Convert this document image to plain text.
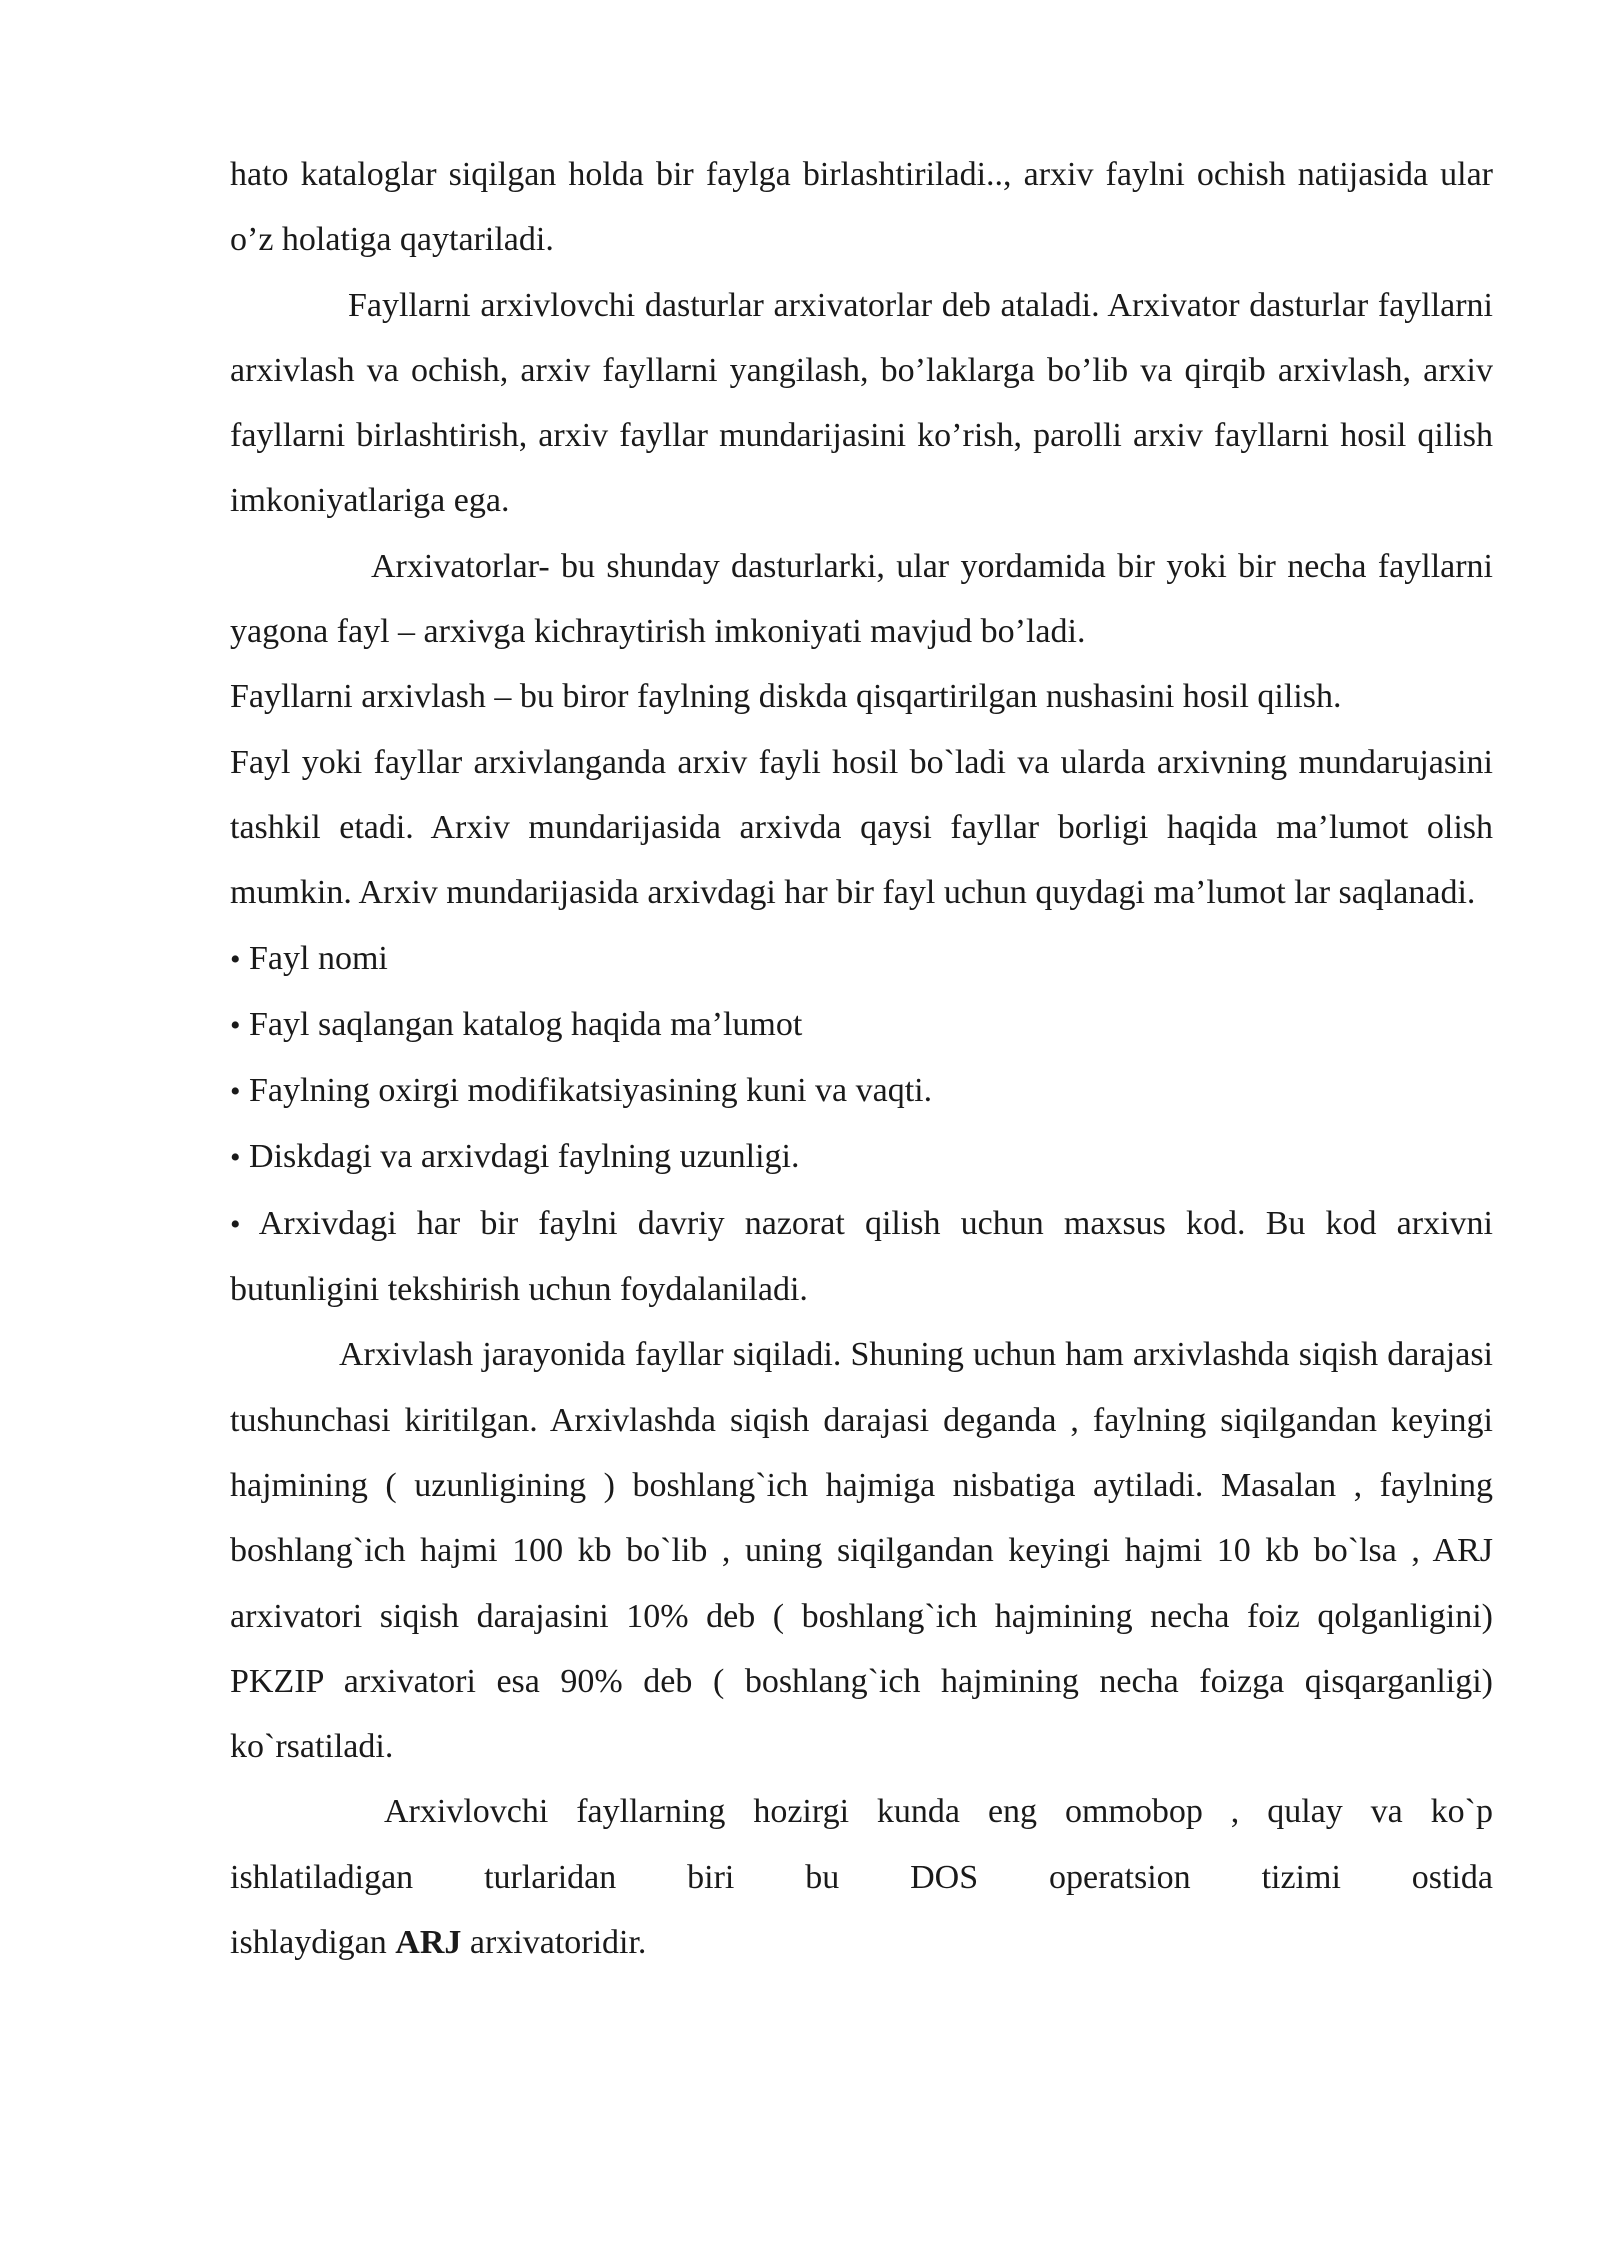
hato kataloglar siqilgan holda bir faylga birlashtiriladi.., arxiv faylni ochish natijasida ular o’z holatiga qaytariladi.

Fayllarni arxivlovchi dasturlar arxivatorlar deb ataladi. Arxivator dasturlar fayllarni arxivlash va ochish, arxiv fayllarni yangilash, bo’laklarga bo’lib va qirqib arxivlash, arxiv fayllarni birlashtirish, arxiv fayllar mundarijasini ko’rish, parolli arxiv fayllarni hosil qilish imkoniyatlariga ega.

Arxivatorlar- bu shunday dasturlarki, ular yordamida bir yoki bir necha fayllarni yagona fayl – arxivga kichraytirish imkoniyati mavjud bo’ladi.

Fayllarni arxivlash – bu biror faylning diskda qisqartirilgan nushasini hosil qilish.

Fayl yoki fayllar arxivlanganda arxiv fayli hosil bo`ladi va ularda arxivning mundarujasini tashkil etadi. Arxiv mundarijasida arxivda qaysi fayllar borligi haqida ma’lumot olish mumkin. Arxiv mundarijasida arxivdagi har bir fayl uchun quydagi ma’lumot lar saqlanadi.

• Fayl nomi

• Fayl saqlangan katalog haqida ma’lumot

• Faylning oxirgi modifikatsiyasining kuni va vaqti.

• Diskdagi va arxivdagi faylning uzunligi.

• Arxivdagi har bir faylni davriy nazorat qilish uchun maxsus kod. Bu kod arxivni butunligini tekshirish uchun foydalaniladi.

Arxivlash jarayonida fayllar siqiladi. Shuning uchun ham arxivlashda siqish darajasi tushunchasi kiritilgan. Arxivlashda siqish darajasi deganda , faylning siqilgandan keyingi hajmining ( uzunligining ) boshlang`ich hajmiga nisbatiga aytiladi. Masalan , faylning boshlang`ich hajmi 100 kb bo`lib , uning siqilgandan keyingi hajmi 10 kb bo`lsa , ARJ arxivatori siqish darajasini 10% deb ( boshlang`ich hajmining necha foiz qolganligini) PKZIP arxivatori esa 90% deb ( boshlang`ich hajmining necha foizga qisqarganligi) ko`rsatiladi.

Arxivlovchi fayllarning hozirgi kunda eng ommobop , qulay va ko`p

ishlatiladigan turlaridan biri bu DOS operatsion tizimi ostida

ishlaydigan ARJ arxivatoridir.
